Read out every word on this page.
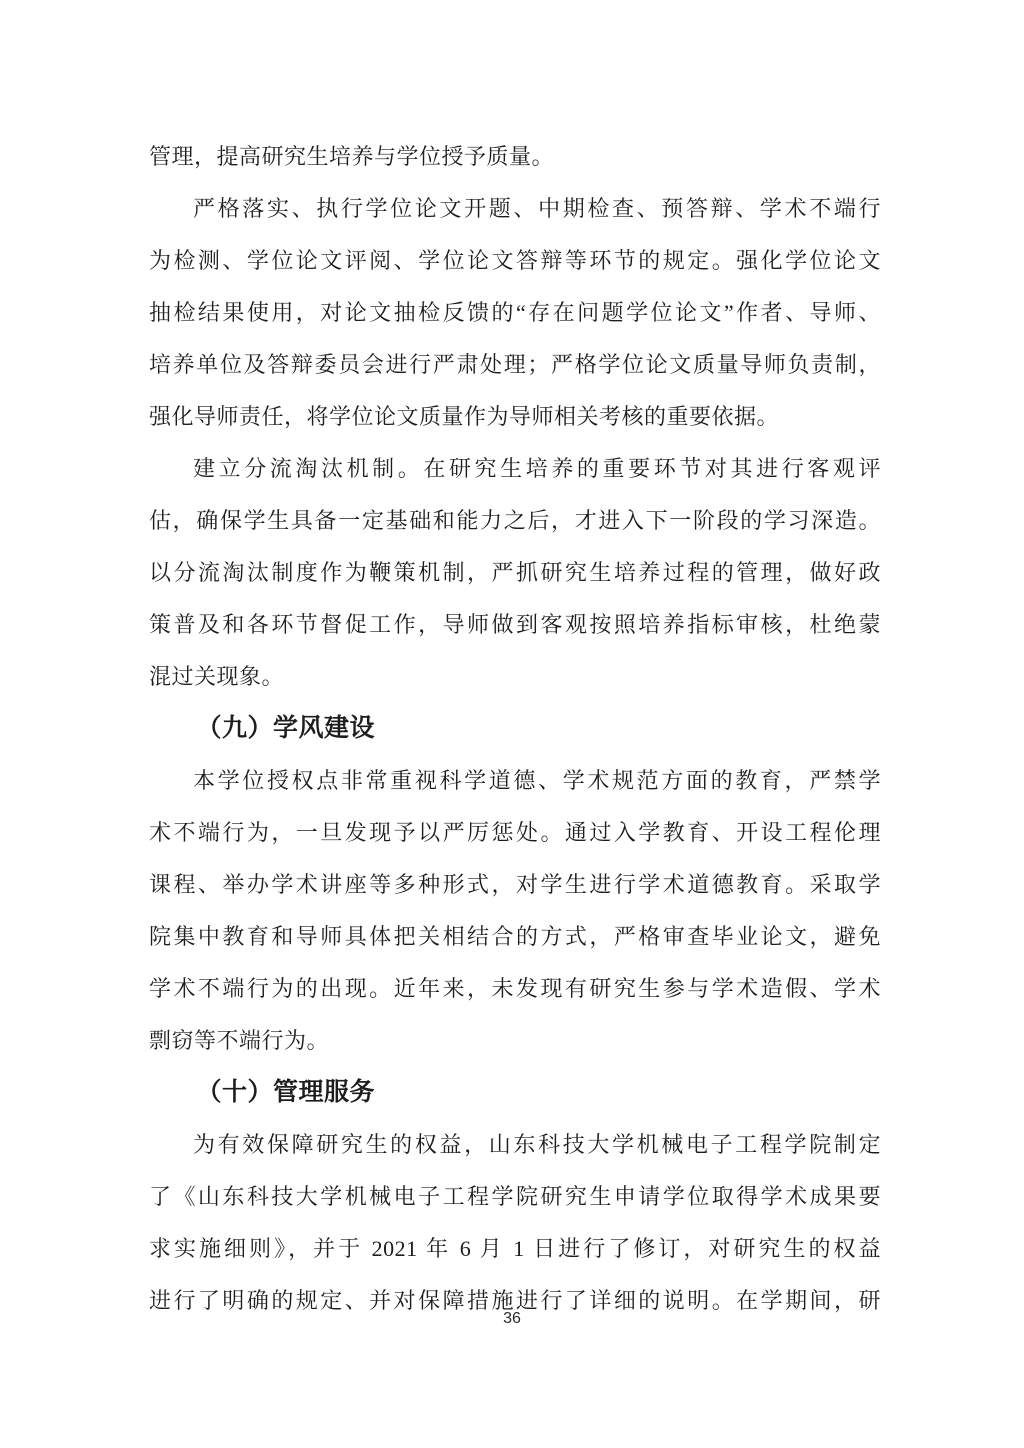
管理，提高研究生培养与学位授予质量。
严格落实、执行学位论文开题、中期检查、预答辩、学术不端行
为检测、学位论文评阅、学位论文答辩等环节的规定。强化学位论文
抽检结果使用，对论文抽检反馈的“存在问题学位论文”作者、导师、
培养单位及答辩委员会进行严肃处理；严格学位论文质量导师负责制，
强化导师责任，将学位论文质量作为导师相关考核的重要依据。
建立分流淘汰机制。在研究生培养的重要环节对其进行客观评
估，确保学生具备一定基础和能力之后，才进入下一阶段的学习深造。
以分流淘汰制度作为鞭策机制，严抓研究生培养过程的管理，做好政
策普及和各环节督促工作，导师做到客观按照培养指标审核，杜绝蒙
混过关现象。
（九）学风建设
本学位授权点非常重视科学道德、学术规范方面的教育，严禁学
术不端行为，一旦发现予以严厉惩处。通过入学教育、开设工程伦理
课程、举办学术讲座等多种形式，对学生进行学术道德教育。采取学
院集中教育和导师具体把关相结合的方式，严格审查毕业论文，避免
学术不端行为的出现。近年来，未发现有研究生参与学术造假、学术
剽窃等不端行为。
（十）管理服务
为有效保障研究生的权益，山东科技大学机械电子工程学院制定
了《山东科技大学机械电子工程学院研究生申请学位取得学术成果要
求实施细则》，并于 2021 年 6 月 1 日进行了修订，对研究生的权益
进行了明确的规定、并对保障措施进行了详细的说明。在学期间，研
36
